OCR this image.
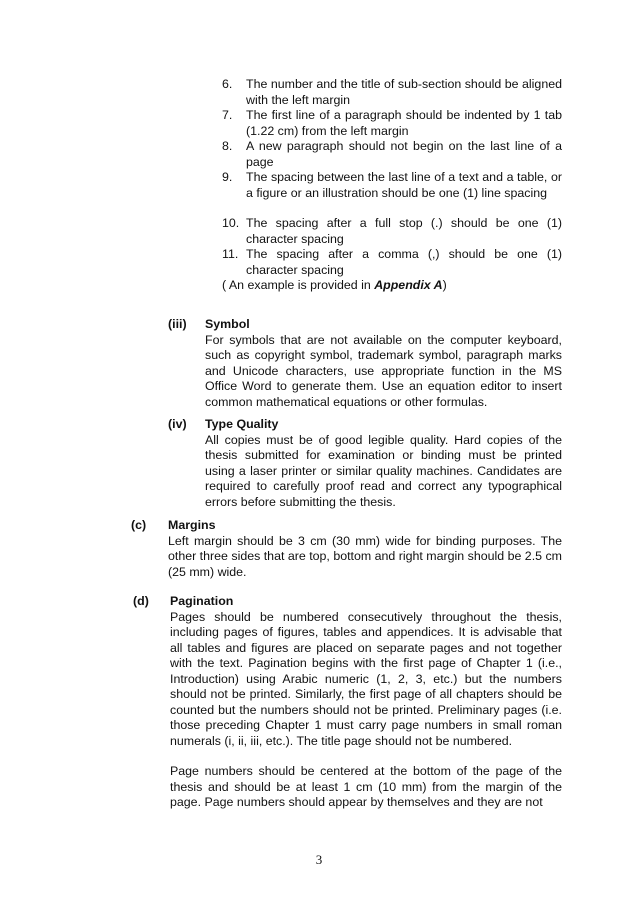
6.	The number and the title of sub-section should be aligned with the left margin
7.	The first line of a paragraph should be indented by 1 tab (1.22 cm) from the left margin
8.	A new paragraph should not begin on the last line of a page
9.	The spacing between the last line of a text and a table, or a figure or an illustration should be one (1) line spacing
10. The spacing after a full stop (.) should be one (1) character spacing
11. The spacing after a comma (,) should be one (1) character spacing
( An example is provided in Appendix A)
(iii) Symbol
For symbols that are not available on the computer keyboard, such as copyright symbol, trademark symbol, paragraph marks and Unicode characters, use appropriate function in the MS Office Word to generate them. Use an equation editor to insert common mathematical equations or other formulas.
(iv) Type Quality
All copies must be of good legible quality. Hard copies of the thesis submitted for examination or binding must be printed using a laser printer or similar quality machines. Candidates are required to carefully proof read and correct any typographical errors before submitting the thesis.
(c) Margins
Left margin should be 3 cm (30 mm) wide for binding purposes. The other three sides that are top, bottom and right margin should be 2.5 cm (25 mm) wide.
(d) Pagination
Pages should be numbered consecutively throughout the thesis, including pages of figures, tables and appendices. It is advisable that all tables and figures are placed on separate pages and not together with the text. Pagination begins with the first page of Chapter 1 (i.e., Introduction) using Arabic numeric (1, 2, 3, etc.) but the numbers should not be printed. Similarly, the first page of all chapters should be counted but the numbers should not be printed. Preliminary pages (i.e. those preceding Chapter 1 must carry page numbers in small roman numerals (i, ii, iii, etc.). The title page should not be numbered.
Page numbers should be centered at the bottom of the page of the thesis and should be at least 1 cm (10 mm) from the margin of the page. Page numbers should appear by themselves and they are not
3
